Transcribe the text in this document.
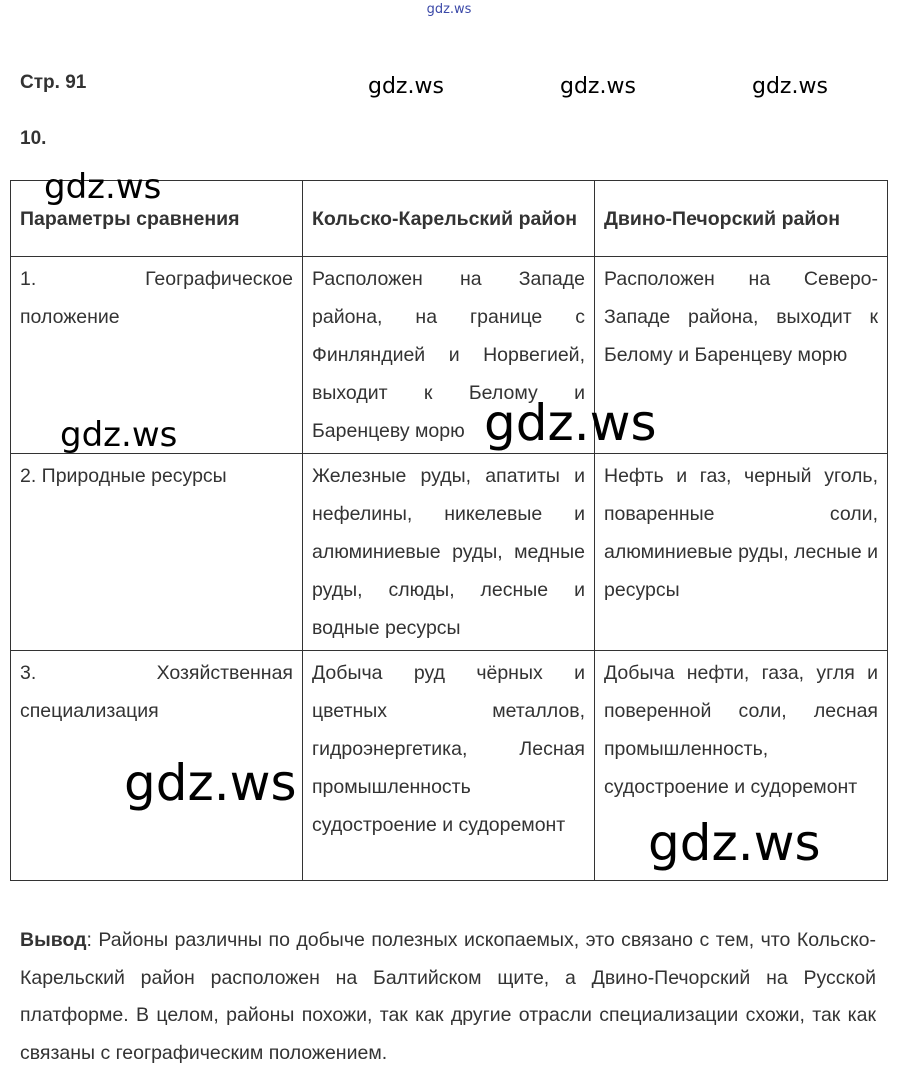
gdz.ws
Стр. 91
10.
Параметры сравнения	Кольско-Карельский район	Двино-Печорский район
1. Географическое положение	Расположен на Западе района, на границе с Финляндией и Норвегией, выходит к Белому и Баренцеву морю	Расположен на Северо-Западе района, выходит к Белому и Баренцеву морю
2. Природные ресурсы	Железные руды, апатиты и нефелины, никелевые и алюминиевые руды, медные руды, слюды, лесные и водные ресурсы	Нефть и газ, черный уголь, поваренные соли, алюминиевые руды, лесные и ресурсы
3. Хозяйственная специализация	Добыча руд чёрных и цветных металлов, гидроэнергетика, Лесная промышленность судостроение и судоремонт	Добыча нефти, газа, угля и поверенной соли, лесная промышленность, судостроение и судоремонт
Вывод: Районы различны по добыче полезных ископаемых, это связано с тем, что Кольско-Карельский район расположен на Балтийском щите, а Двино-Печорский на Русской платформе. В целом, районы похожи, так как другие отрасли специализации схожи, так как связаны с географическим положением.
gdz.ws	gdz.ws	gdz.ws
gdz.ws
gdz.ws	gdz.ws
gdz.ws
gdz.ws
